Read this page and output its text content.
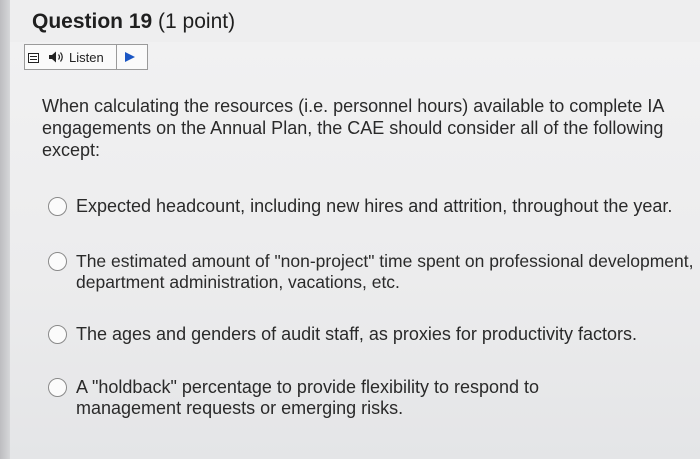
Question 19 (1 point)
Listen
When calculating the resources (i.e. personnel hours) available to complete IA engagements on the Annual Plan, the CAE should consider all of the following except:
Expected headcount, including new hires and attrition, throughout the year.
The estimated amount of "non-project" time spent on professional development, department administration, vacations, etc.
The ages and genders of audit staff, as proxies for productivity factors.
A "holdback" percentage to provide flexibility to respond to management requests or emerging risks.
